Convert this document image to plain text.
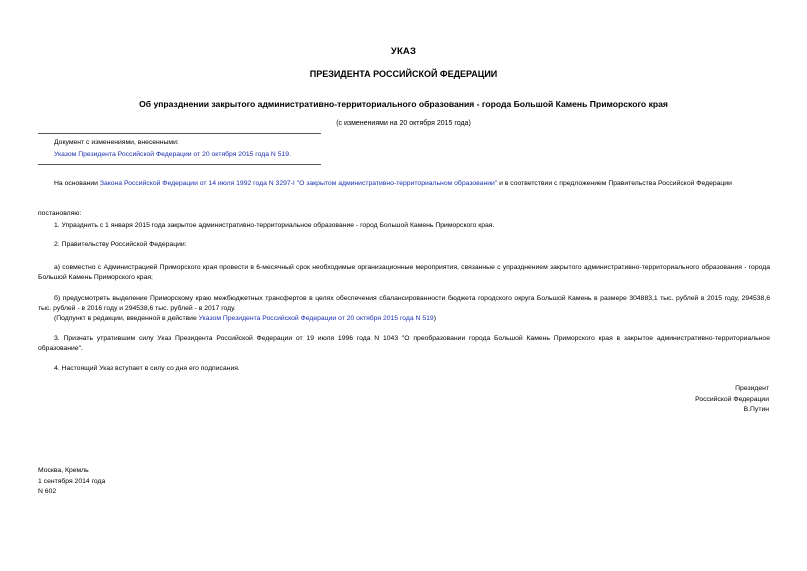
УКАЗ
ПРЕЗИДЕНТА РОССИЙСКОЙ ФЕДЕРАЦИИ
Об упразднении закрытого административно-территориального образования - города Большой Камень Приморского края
(с изменениями на 20 октября 2015 года)
Документ с изменениями, внесенными:
Указом Президента Российской Федерации от 20 октября 2015 года N 519.
На основании Закона Российской Федерации от 14 июля 1992 года N 3297-I "О закрытом административно-территориальном образовании" и в соответствии с предложением Правительства Российской Федерации
постановляю:
1. Упразднить с 1 января 2015 года закрытое административно-территориальное образование - город Большой Камень Приморского края.
2. Правительству Российской Федерации:
а) совместно с Администрацией Приморского края провести в 6-месячный срок необходимые организационные мероприятия, связанные с упразднением закрытого административно-территориального образования - города Большой Камень Приморского края;
б) предусмотреть выделение Приморскому краю межбюджетных трансфертов в целях обеспечения сбалансированности бюджета городского округа Большой Камень в размере 304883,1 тыс. рублей в 2015 году, 294538,6 тыс. рублей - в 2016 году и 294538,6 тыс. рублей - в 2017 году.
(Подпункт в редакции, введенной в действие Указом Президента Российской Федерации от 20 октября 2015 года N 519)
3. Признать утратившим силу Указ Президента Российской Федерации от 19 июля 1996 года N 1043 "О преобразовании города Большой Камень Приморского края в закрытое административно-территориальное образование".
4. Настоящий Указ вступает в силу со дня его подписания.
Президент
Российской Федерации
В.Путин
Москва, Кремль
1 сентября 2014 года
N 602
